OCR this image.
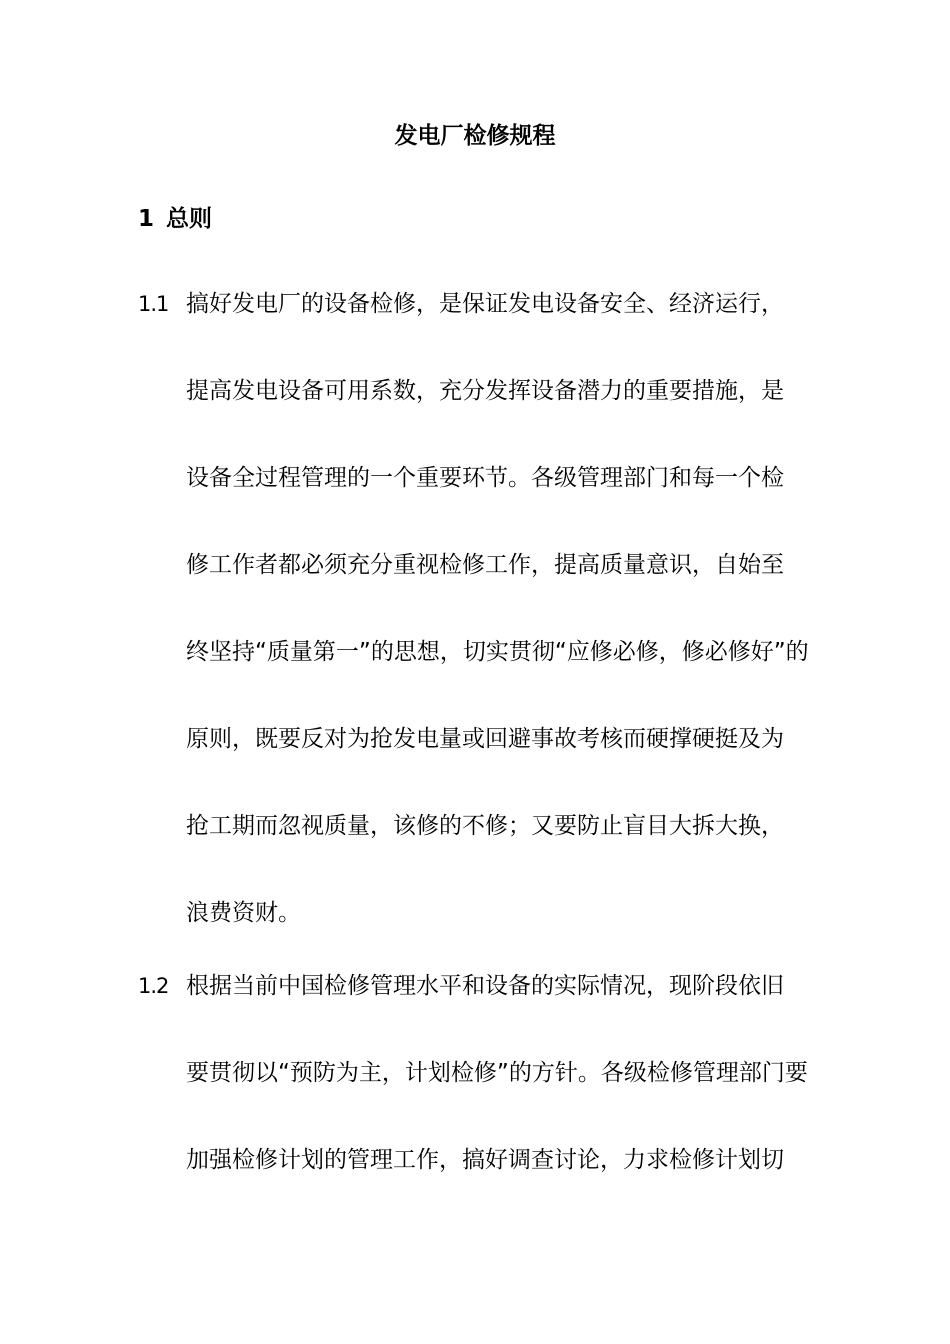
发电厂检修规程
1 总则
1.1 搞好发电厂的设备检修，是保证发电设备安全、经济运行，
提高发电设备可用系数，充分发挥设备潜力的重要措施，是
设备全过程管理的一个重要环节。各级管理部门和每一个检
修工作者都必须充分重视检修工作，提高质量意识，自始至
终坚持“质量第一”的思想，切实贯彻“应修必修，修必修好”的
原则，既要反对为抢发电量或回避事故考核而硬撑硬挺及为
抢工期而忽视质量，该修的不修；又要防止盲目大拆大换，
浪费资财。
1.2 根据当前中国检修管理水平和设备的实际情况，现阶段依旧
要贯彻以“预防为主，计划检修”的方针。各级检修管理部门要
加强检修计划的管理工作，搞好调查讨论，力求检修计划切
